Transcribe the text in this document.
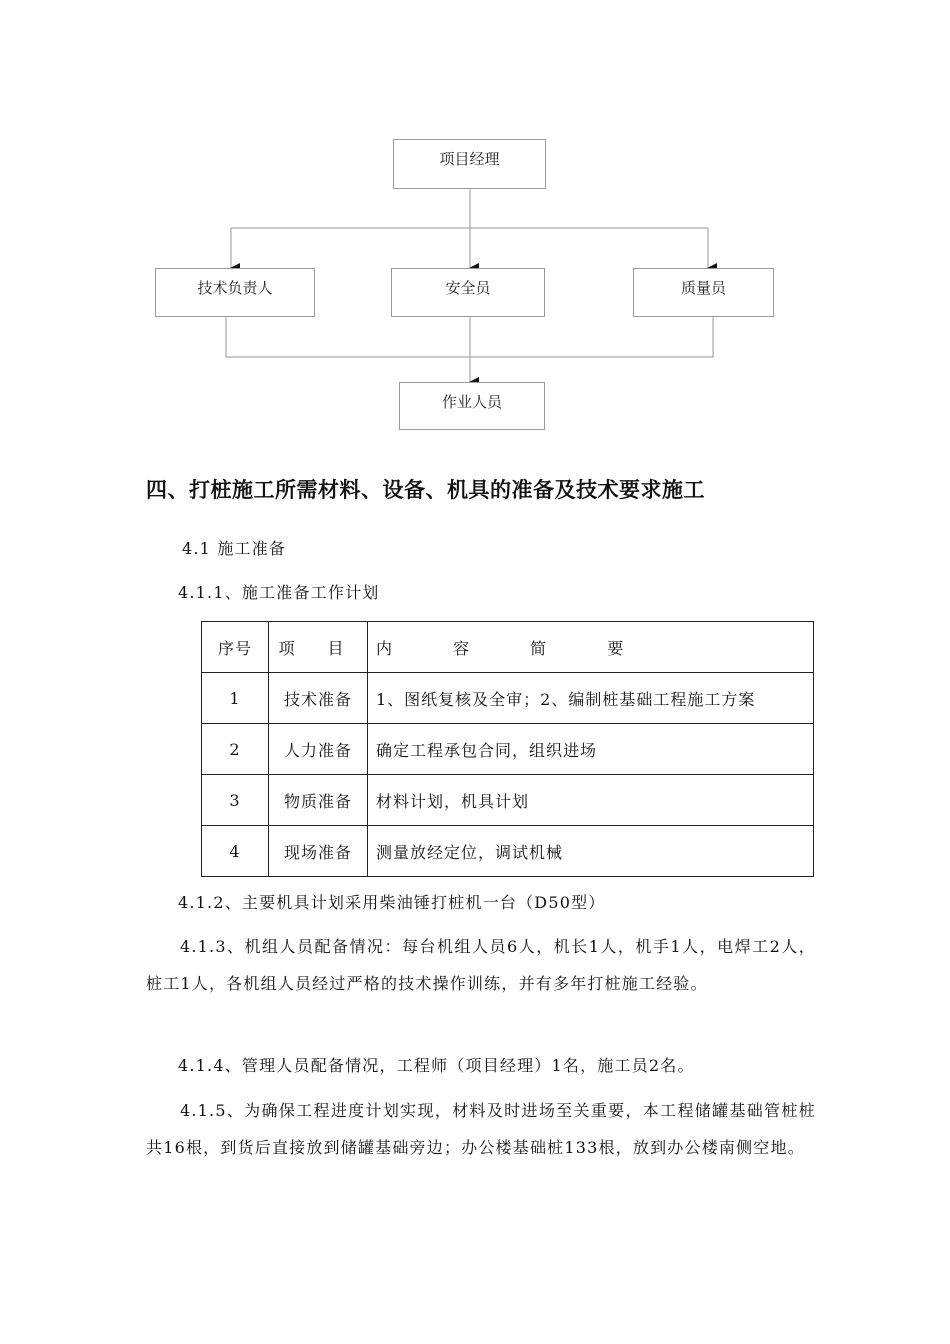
项目经理
技术负责人	安全员	质量员
作业人员
四、打桩施工所需材料、设备、机具的准备及技术要求施工
4.1 施工准备
4.1.1、施工准备工作计划
序号	项 目	内 容 简 要
1	技术准备	1、图纸复核及全审；2、编制桩基础工程施工方案
2	人力准备	确定工程承包合同，组织进场
3	物质准备	材料计划，机具计划
4	现场准备	测量放经定位，调试机械
4.1.2、主要机具计划采用柴油锤打桩机一台（D50型）
4.1.3、机组人员配备情况：每台机组人员6人，机长1人，机手1人，电焊工2人，桩工1人，各机组人员经过严格的技术操作训练，并有多年打桩施工经验。
4.1.4、管理人员配备情况，工程师（项目经理）1名，施工员2名。
4.1.5、为确保工程进度计划实现，材料及时进场至关重要，本工程储罐基础管桩桩共16根，到货后直接放到储罐基础旁边；办公楼基础桩133根，放到办公楼南侧空地。
